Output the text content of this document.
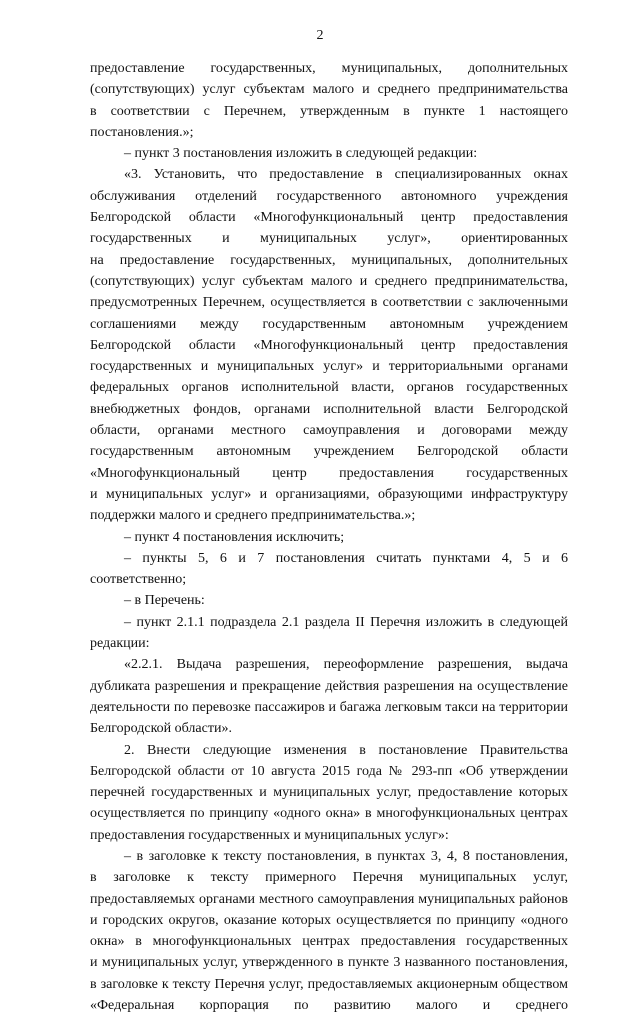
2
предоставление государственных, муниципальных, дополнительных
(сопутствующих) услуг субъектам малого и среднего предпринимательства
в соответствии с Перечнем, утвержденным в пункте 1 настоящего
постановления.»;
– пункт 3 постановления изложить в следующей редакции:
«3. Установить, что предоставление в специализированных окнах
обслуживания отделений государственного автономного учреждения
Белгородской области «Многофункциональный центр предоставления
государственных и муниципальных услуг», ориентированных
на предоставление государственных, муниципальных, дополнительных
(сопутствующих) услуг субъектам малого и среднего предпринимательства,
предусмотренных Перечнем, осуществляется в соответствии с заключенными
соглашениями между государственным автономным учреждением
Белгородской области «Многофункциональный центр предоставления
государственных и муниципальных услуг» и территориальными органами
федеральных органов исполнительной власти, органов государственных
внебюджетных фондов, органами исполнительной власти Белгородской
области, органами местного самоуправления и договорами между
государственным автономным учреждением Белгородской области
«Многофункциональный центр предоставления государственных
и муниципальных услуг» и организациями, образующими инфраструктуру
поддержки малого и среднего предпринимательства.»;
– пункт 4 постановления исключить;
– пункты 5, 6 и 7 постановления считать пунктами 4, 5 и 6
соответственно;
– в Перечень:
– пункт 2.1.1 подраздела 2.1 раздела II Перечня изложить в следующей
редакции:
«2.2.1. Выдача разрешения, переоформление разрешения, выдача
дубликата разрешения и прекращение действия разрешения на осуществление
деятельности по перевозке пассажиров и багажа легковым такси на территории
Белгородской области».
2. Внести следующие изменения в постановление Правительства
Белгородской области от 10 августа 2015 года № 293-пп «Об утверждении
перечней государственных и муниципальных услуг, предоставление которых
осуществляется по принципу «одного окна» в многофункциональных центрах
предоставления государственных и муниципальных услуг»:
– в заголовке к тексту постановления, в пунктах 3, 4, 8 постановления,
в заголовке к тексту примерного Перечня муниципальных услуг,
предоставляемых органами местного самоуправления муниципальных районов
и городских округов, оказание которых осуществляется по принципу «одного
окна» в многофункциональных центрах предоставления государственных
и муниципальных услуг, утвержденного в пункте 3 названного постановления,
в заголовке к тексту Перечня услуг, предоставляемых акционерным обществом
«Федеральная корпорация по развитию малого и среднего
